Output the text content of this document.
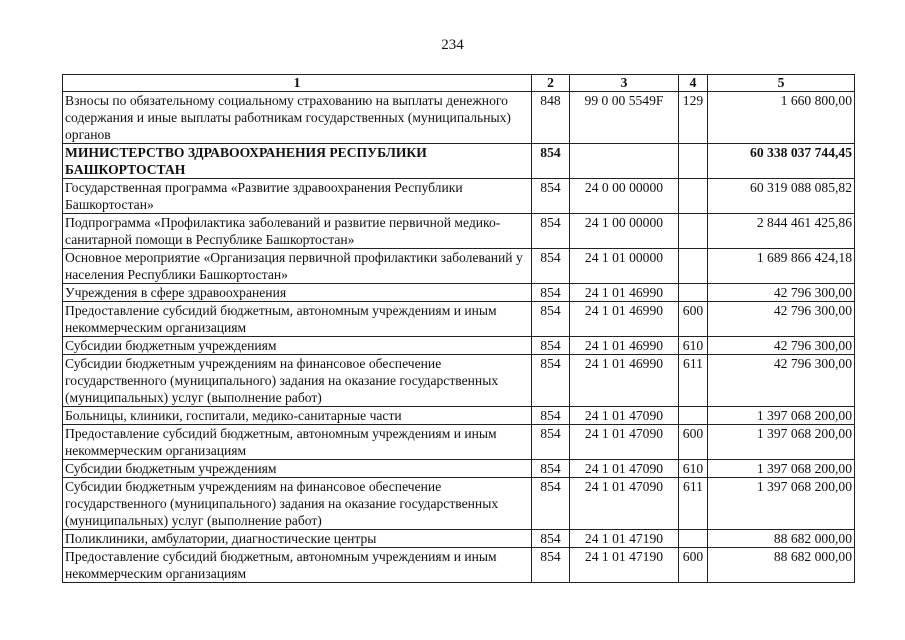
234
1	2	3	4	5
Взносы по обязательному социальному страхованию на выплаты денежного содержания и иные выплаты работникам государственных (муниципальных) органов	848	99 0 00 5549F	129	1 660 800,00
МИНИСТЕРСТВО ЗДРАВООХРАНЕНИЯ РЕСПУБЛИКИ БАШКОРТОСТАН	854			60 338 037 744,45
Государственная программа «Развитие здравоохранения Республики Башкортостан»	854	24 0 00 00000		60 319 088 085,82
Подпрограмма «Профилактика заболеваний и развитие первичной медико-санитарной помощи в Республике Башкортостан»	854	24 1 00 00000		2 844 461 425,86
Основное мероприятие «Организация первичной профилактики заболеваний у населения Республики Башкортостан»	854	24 1 01 00000		1 689 866 424,18
Учреждения в сфере здравоохранения	854	24 1 01 46990		42 796 300,00
Предоставление субсидий бюджетным, автономным учреждениям и иным некоммерческим организациям	854	24 1 01 46990	600	42 796 300,00
Субсидии бюджетным учреждениям	854	24 1 01 46990	610	42 796 300,00
Субсидии бюджетным учреждениям на финансовое обеспечение государственного (муниципального) задания на оказание государственных (муниципальных) услуг (выполнение работ)	854	24 1 01 46990	611	42 796 300,00
Больницы, клиники, госпитали, медико-санитарные части	854	24 1 01 47090		1 397 068 200,00
Предоставление субсидий бюджетным, автономным учреждениям и иным некоммерческим организациям	854	24 1 01 47090	600	1 397 068 200,00
Субсидии бюджетным учреждениям	854	24 1 01 47090	610	1 397 068 200,00
Субсидии бюджетным учреждениям на финансовое обеспечение государственного (муниципального) задания на оказание государственных (муниципальных) услуг (выполнение работ)	854	24 1 01 47090	611	1 397 068 200,00
Поликлиники, амбулатории, диагностические центры	854	24 1 01 47190		88 682 000,00
Предоставление субсидий бюджетным, автономным учреждениям и иным некоммерческим организациям	854	24 1 01 47190	600	88 682 000,00
